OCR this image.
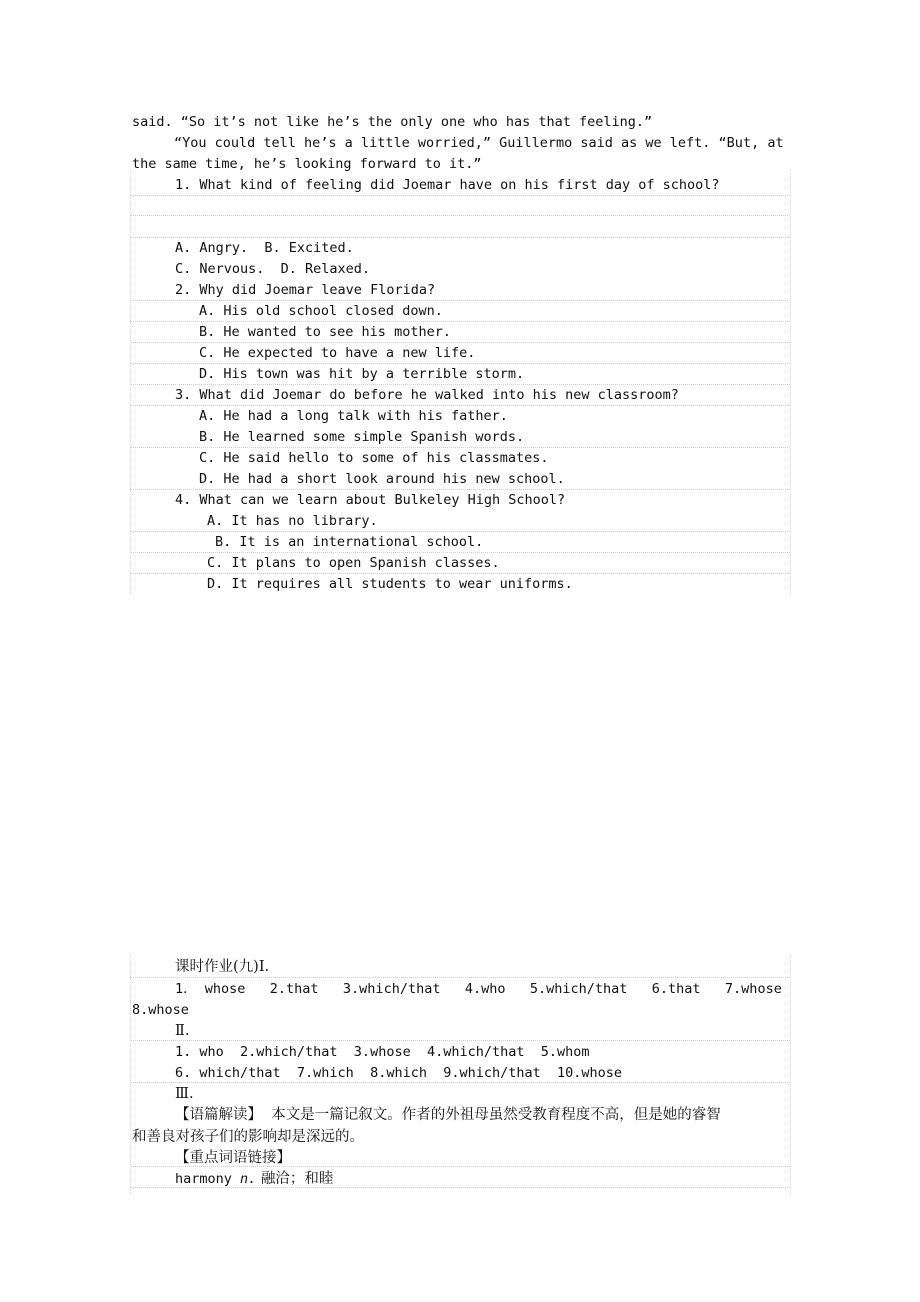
said. “So it’s not like he’s the only one who has that feeling.”
“You could tell he’s a little worried,” Guillermo said as we left. “But, at
the same time, he’s looking forward to it.”
1. What kind of feeling did Joemar have on his first day of school?
A. Angry.  B. Excited.
C. Nervous.  D. Relaxed.
2. Why did Joemar leave Florida?
A. His old school closed down.
B. He wanted to see his mother.
C. He expected to have a new life.
D. His town was hit by a terrible storm.
3. What did Joemar do before he walked into his new classroom?
A. He had a long talk with his father.
B. He learned some simple Spanish words.
C. He said hello to some of his classmates.
D. He had a short look around his new school.
4. What can we learn about Bulkeley High School?
A. It has no library.
B. It is an international school.
C. It plans to open Spanish classes.
D. It requires all students to wear uniforms.
课时作业(九)Ⅰ.
1． whose   2.that   3.which/that   4.who   5.which/that   6.that   7.whose
8.whose
Ⅱ.
1. who  2.which/that  3.whose  4.which/that  5.whom
6. which/that  7.which  8.which  9.which/that  10.whose
Ⅲ.
【语篇解读】  本文是一篇记叙文。作者的外祖母虽然受教育程度不高，但是她的睿智
和善良对孩子们的影响却是深远的。
【重点词语链接】
harmony n. 融洽；和睦
